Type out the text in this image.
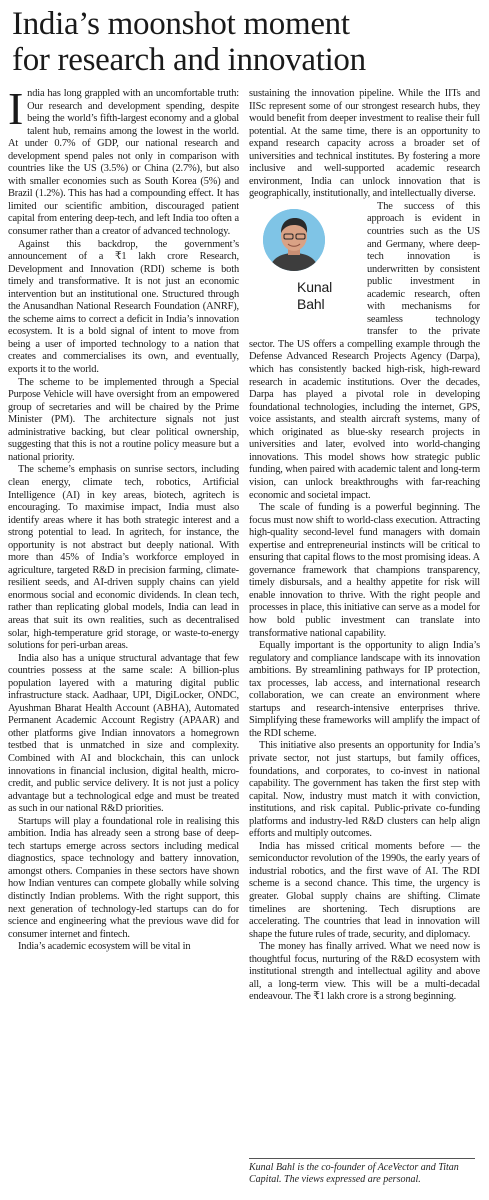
India’s moonshot moment
for research and innovation

India has long grappled with an uncomfortable truth: Our research and development spending, despite being the world’s fifth-largest economy and a global talent hub, remains among the lowest in the world. At under 0.7% of GDP, our national research and development spend pales not only in comparison with countries like the US (3.5%) or China (2.7%), but also with smaller economies such as South Korea (5%) and Brazil (1.2%). This has had a compounding effect. It has limited our scientific ambition, discouraged patient capital from entering deep-tech, and left India too often a consumer rather than a creator of advanced technology.

Against this backdrop, the government’s announcement of a ₹1 lakh crore Research, Development and Innovation (RDI) scheme is both timely and transformative. It is not just an economic intervention but an institutional one. Structured through the Anusandhan National Research Foundation (ANRF), the scheme aims to correct a deficit in India’s innovation ecosystem. It is a bold signal of intent to move from being a user of imported technology to a nation that creates and commercialises its own, and eventually, exports it to the world.

The scheme to be implemented through a Special Purpose Vehicle will have oversight from an empowered group of secretaries and will be chaired by the Prime Minister (PM). The architecture signals not just administrative backing, but clear political ownership, suggesting that this is not a routine policy measure but a national priority.

The scheme’s emphasis on sunrise sectors, including clean energy, climate tech, robotics, Artificial Intelligence (AI) in key areas, biotech, agritech is encouraging. To maximise impact, India must also identify areas where it has both strategic interest and a strong potential to lead. In agritech, for instance, the opportunity is not abstract but deeply national. With more than 45% of India’s workforce employed in agriculture, targeted R&D in precision farming, climate-resilient seeds, and AI-driven supply chains can yield enormous social and economic dividends. In clean tech, rather than replicating global models, India can lead in areas that suit its own realities, such as decentralised solar, high-temperature grid storage, or waste-to-energy solutions for peri-urban areas.

India also has a unique structural advantage that few countries possess at the same scale: A billion-plus population layered with a maturing digital public infrastructure stack. Aadhaar, UPI, DigiLocker, ONDC, Ayushman Bharat Health Account (ABHA), Automated Permanent Academic Account Registry (APAAR) and other platforms give Indian innovators a homegrown testbed that is unmatched in size and complexity. Combined with AI and blockchain, this can unlock innovations in financial inclusion, digital health, micro-credit, and public service delivery. It is not just a policy advantage but a technological edge and must be treated as such in our national R&D priorities.

Startups will play a foundational role in realising this ambition. India has already seen a strong base of deep-tech startups emerge across sectors including medical diagnostics, space technology and battery innovation, amongst others. Companies in these sectors have shown how Indian ventures can compete globally while solving distinctly Indian problems. With the right support, this next generation of technology-led startups can do for science and engineering what the previous wave did for consumer internet and fintech.

India’s academic ecosystem will be vital in

sustaining the innovation pipeline. While the IITs and IISc represent some of our strongest research hubs, they would benefit from deeper investment to realise their full potential. At the same time, there is an opportunity to expand research capacity across a broader set of universities and technical institutes. By fostering a more inclusive and well-supported academic research environment, India can unlock innovation that is geographically, institutionally, and intellectually diverse.

Kunal
Bahl
The success of this approach is evident in countries such as the US and Germany, where deep-tech innovation is underwritten by consistent public investment in academic research, often with mechanisms for seamless technology transfer to the private sector. The US offers a compelling example through the Defense Advanced Research Projects Agency (Darpa), which has consistently backed high-risk, high-reward research in academic institutions. Over the decades, Darpa has played a pivotal role in developing foundational technologies, including the internet, GPS, voice assistants, and stealth aircraft systems, many of which originated as blue-sky research projects in universities and later, evolved into world-changing innovations. This model shows how strategic public funding, when paired with academic talent and long-term vision, can unlock breakthroughs with far-reaching economic and societal impact.

The scale of funding is a powerful beginning. The focus must now shift to world-class execution. Attracting high-quality second-level fund managers with domain expertise and entrepreneurial instincts will be critical to ensuring that capital flows to the most promising ideas. A governance framework that champions transparency, timely disbursals, and a healthy appetite for risk will enable innovation to thrive. With the right people and processes in place, this initiative can serve as a model for how bold public investment can translate into transformative national capability.

Equally important is the opportunity to align India’s regulatory and compliance landscape with its innovation ambitions. By streamlining pathways for IP protection, tax processes, lab access, and international research collaboration, we can create an environment where startups and research-intensive enterprises thrive. Simplifying these frameworks will amplify the impact of the RDI scheme.

This initiative also presents an opportunity for India’s private sector, not just startups, but family offices, foundations, and corporates, to co-invest in national capability. The government has taken the first step with capital. Now, industry must match it with conviction, institutions, and risk capital. Public-private co-funding platforms and industry-led R&D clusters can help align efforts and multiply outcomes.

India has missed critical moments before — the semiconductor revolution of the 1990s, the early years of industrial robotics, and the first wave of AI. The RDI scheme is a second chance. This time, the urgency is greater. Global supply chains are shifting. Climate timelines are shortening. Tech disruptions are accelerating. The countries that lead in innovation will shape the future rules of trade, security, and diplomacy.

The money has finally arrived. What we need now is thoughtful focus, nurturing of the R&D ecosystem with institutional strength and intellectual agility and above all, a long-term view. This will be a multi-decadal endeavour. The ₹1 lakh crore is a strong beginning.

Kunal Bahl is the co-founder of AceVector and Titan Capital. The views expressed are personal.
